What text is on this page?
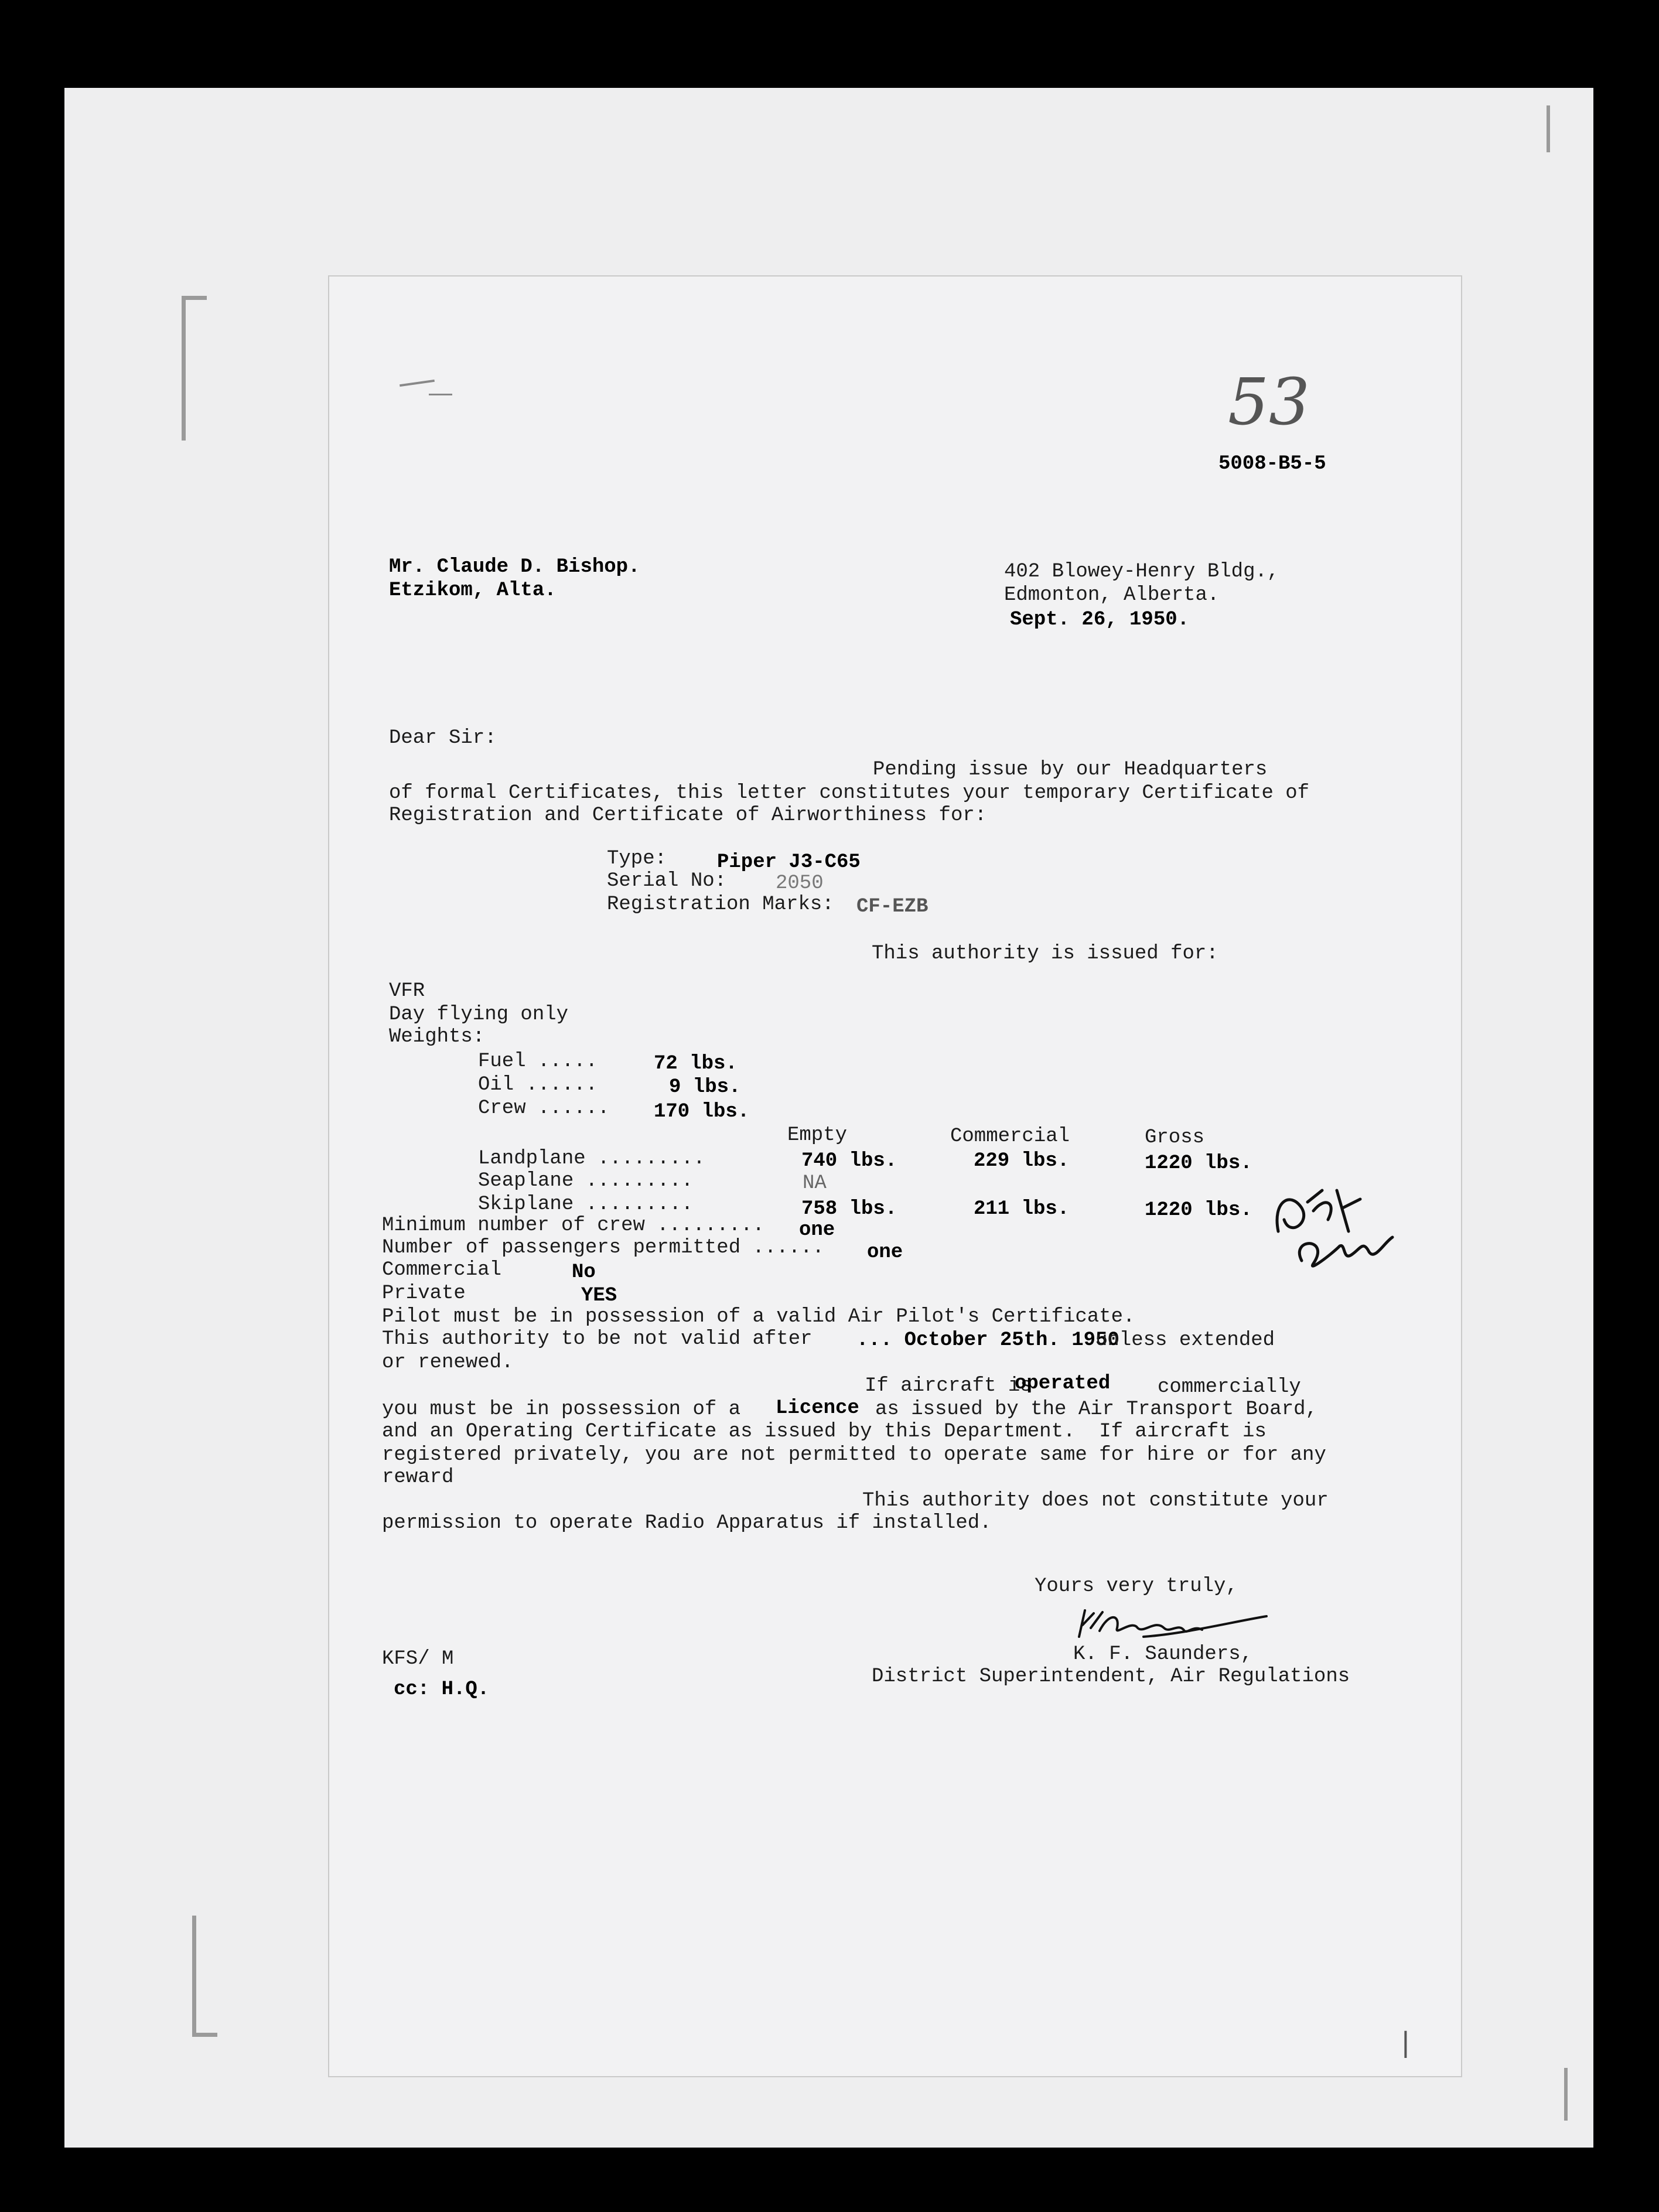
53
5008-B5-5
Mr. Claude D. Bishop.
Etzikom, Alta.
402 Blowey-Henry Bldg.,
Edmonton, Alberta.
Sept. 26, 1950.
Dear Sir:
Pending issue by our Headquarters
of formal Certificates, this letter constitutes your temporary Certificate of
Registration and Certificate of Airworthiness for:
Type:	Piper J3-C65
Serial No: 2050
Registration Marks: CF-EZB
This authority is issued for:
VFR
Day flying only
Weights:
Fuel .....	72 lbs.
Oil ......	9 lbs.
Crew ...... 170 lbs.
Empty	Commercial	Gross
Landplane .........	740 lbs.	229 lbs.	1220 lbs.
Seaplane .........	NA
Skiplane .........	758 lbs.	211 lbs.	1220 lbs.
Minimum number of crew ......... one
Number of passengers permitted ...... one
Commercial	No
Private	YES
Pilot must be in possession of a valid Air Pilot's Certificate.
This authority to be not valid after ... October 25th. 1950
unless extended
or renewed.
If aircraft is
operated commercially
you must be in possession of a Licence as issued by the Air Transport Board,
and an Operating Certificate as issued by this Department.  If aircraft is
registered privately, you are not permitted to operate same for hire or for any
reward
This authority does not constitute your
permission to operate Radio Apparatus if installed.
Yours very truly,
K. F. Saunders,
District Superintendent, Air Regulations
KFS/ M
cc: H.Q.
∣
